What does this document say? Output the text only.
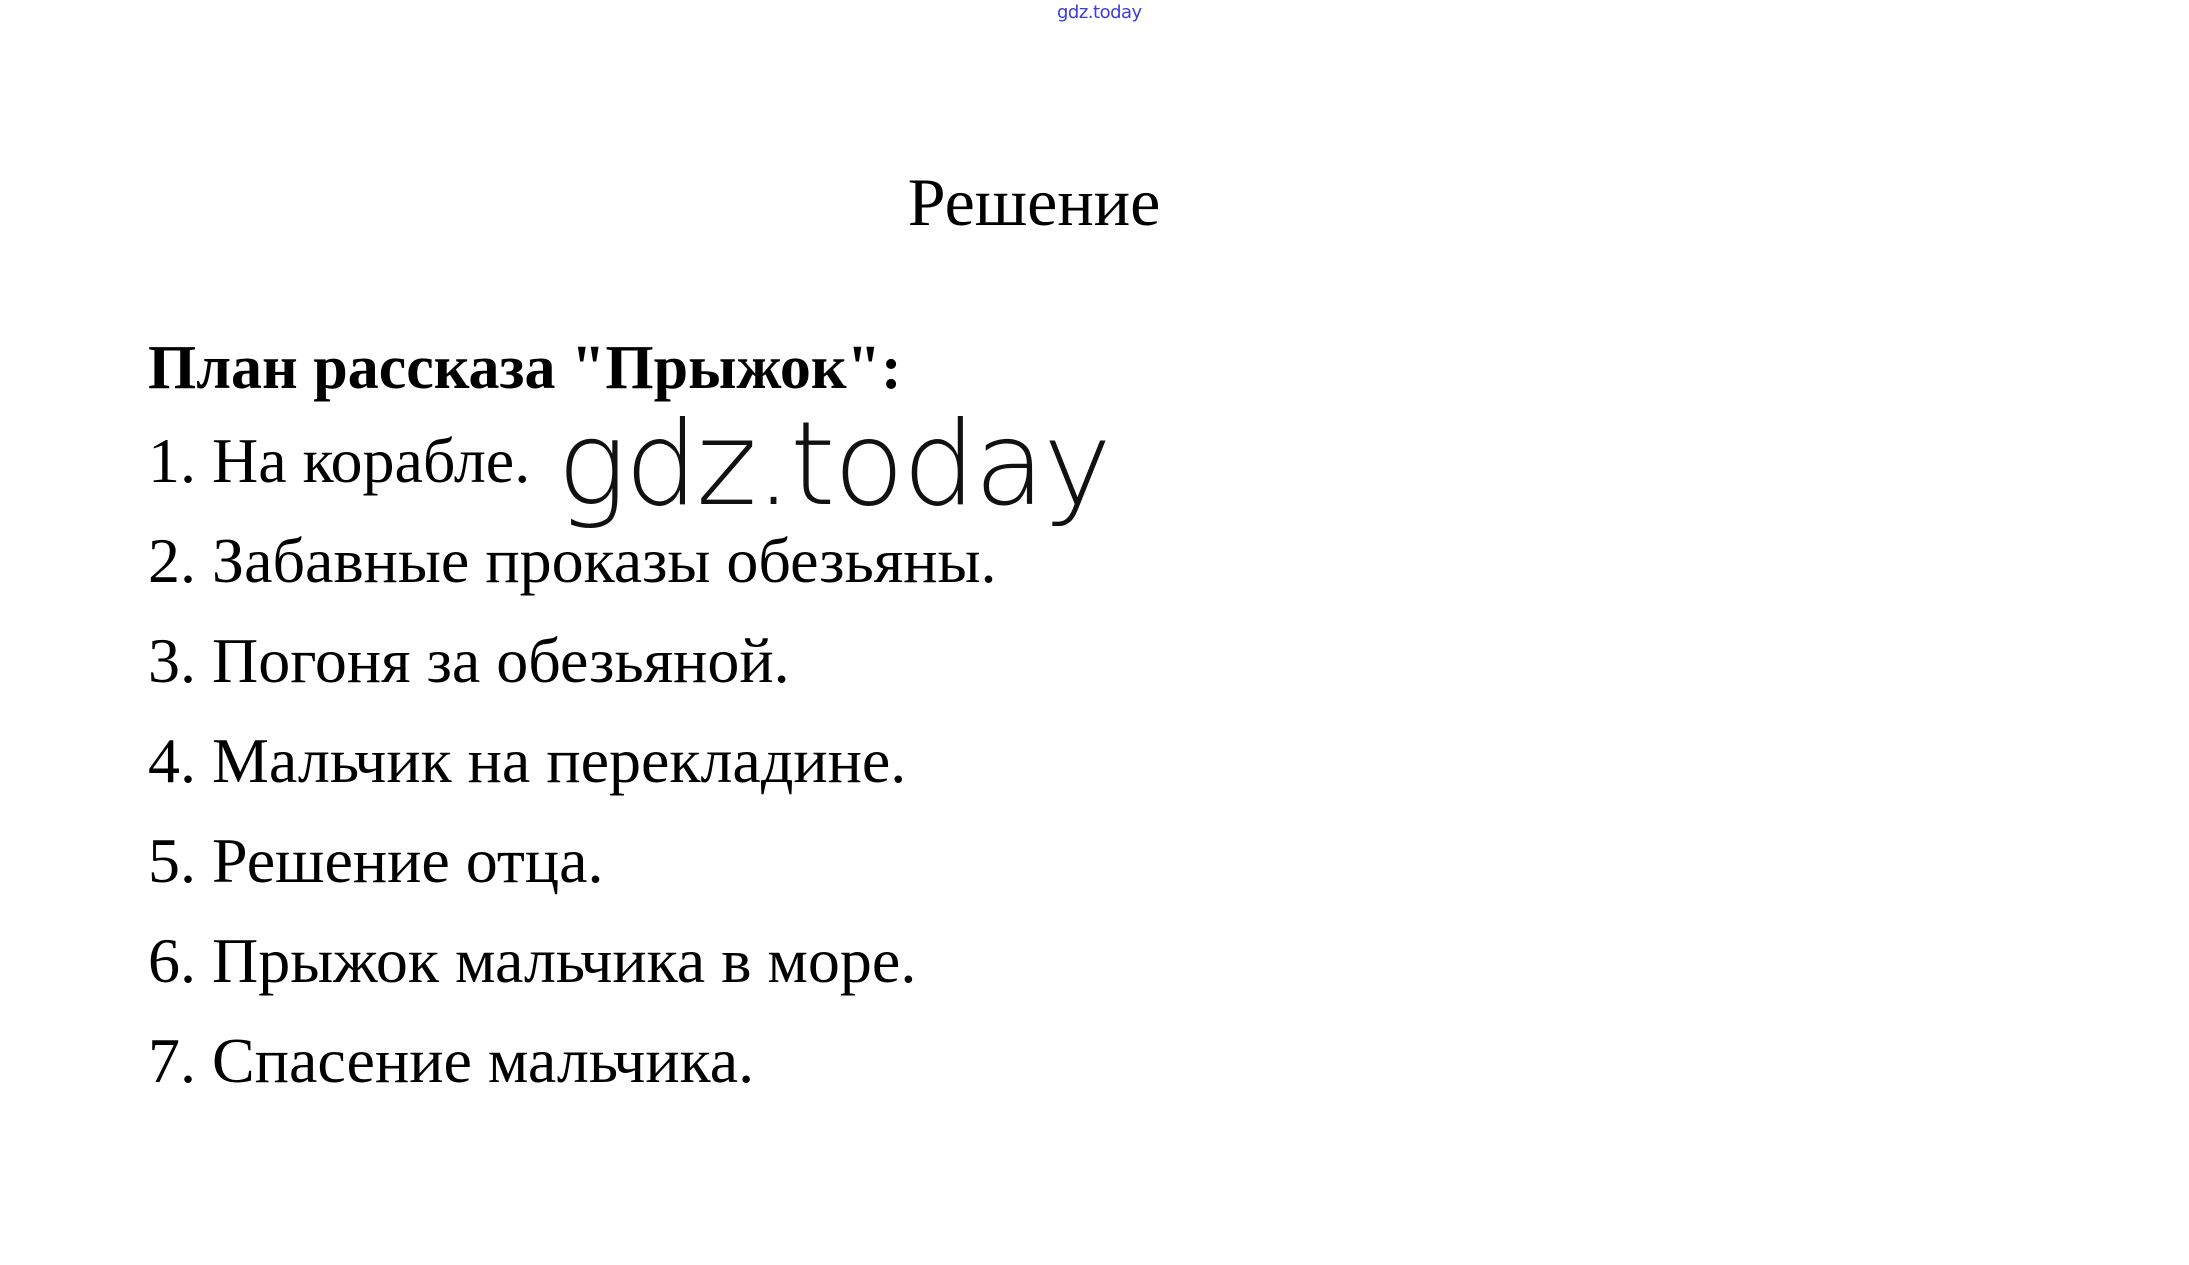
gdz.today
Решение
План рассказа "Прыжок":
1. На корабле. gdz.today
2. Забавные проказы обезьяны.
3. Погоня за обезьяной.
4. Мальчик на перекладине.
5. Решение отца.
6. Прыжок мальчика в море.
7. Спасение мальчика.
